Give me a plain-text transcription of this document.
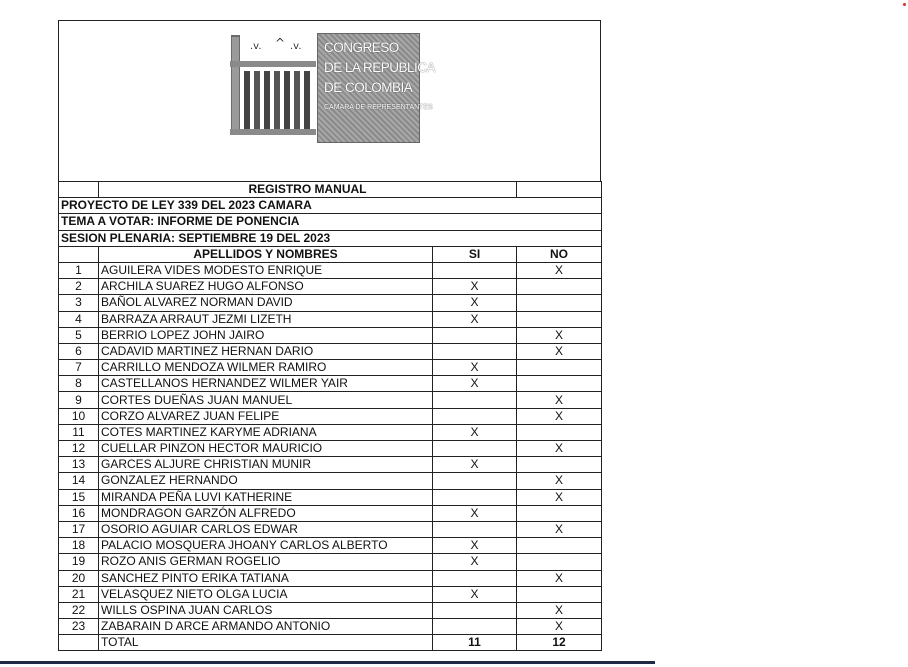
.v. ^ .v. CONGRESO
DE LA REPUBLICA
DE COLOMBIA
CAMARA DE REPRESENTANTES
	REGISTRO MANUAL		
PROYECTO DE LEY 339 DEL 2023 CAMARA			
TEMA A VOTAR: INFORME DE PONENCIA			
SESION PLENARIA: SEPTIEMBRE 19 DEL 2023			
	APELLIDOS Y NOMBRES	SI	NO
1	AGUILERA VIDES MODESTO ENRIQUE		X
2	ARCHILA SUAREZ HUGO ALFONSO	X	
3	BAÑOL ALVAREZ NORMAN DAVID	X	
4	BARRAZA ARRAUT JEZMI LIZETH	X	
5	BERRIO LOPEZ JOHN JAIRO		X
6	CADAVID MARTINEZ HERNAN DARIO		X
7	CARRILLO MENDOZA WILMER RAMIRO	X	
8	CASTELLANOS HERNANDEZ WILMER YAIR	X	
9	CORTES DUEÑAS JUAN MANUEL		X
10	CORZO ALVAREZ JUAN FELIPE		X
11	COTES MARTINEZ KARYME ADRIANA	X	
12	CUELLAR PINZON HECTOR MAURICIO		X
13	GARCES ALJURE CHRISTIAN MUNIR	X	
14	GONZALEZ HERNANDO		X
15	MIRANDA PEÑA LUVI KATHERINE		X
16	MONDRAGON GARZÓN ALFREDO	X	
17	OSORIO AGUIAR CARLOS EDWAR		X
18	PALACIO MOSQUERA JHOANY CARLOS ALBERTO	X	
19	ROZO ANIS GERMAN ROGELIO	X	
20	SANCHEZ PINTO ERIKA TATIANA		X
21	VELASQUEZ NIETO OLGA LUCIA	X	
22	WILLS OSPINA JUAN CARLOS		X
23	ZABARAIN D ARCE ARMANDO ANTONIO		X
	TOTAL	11	12
